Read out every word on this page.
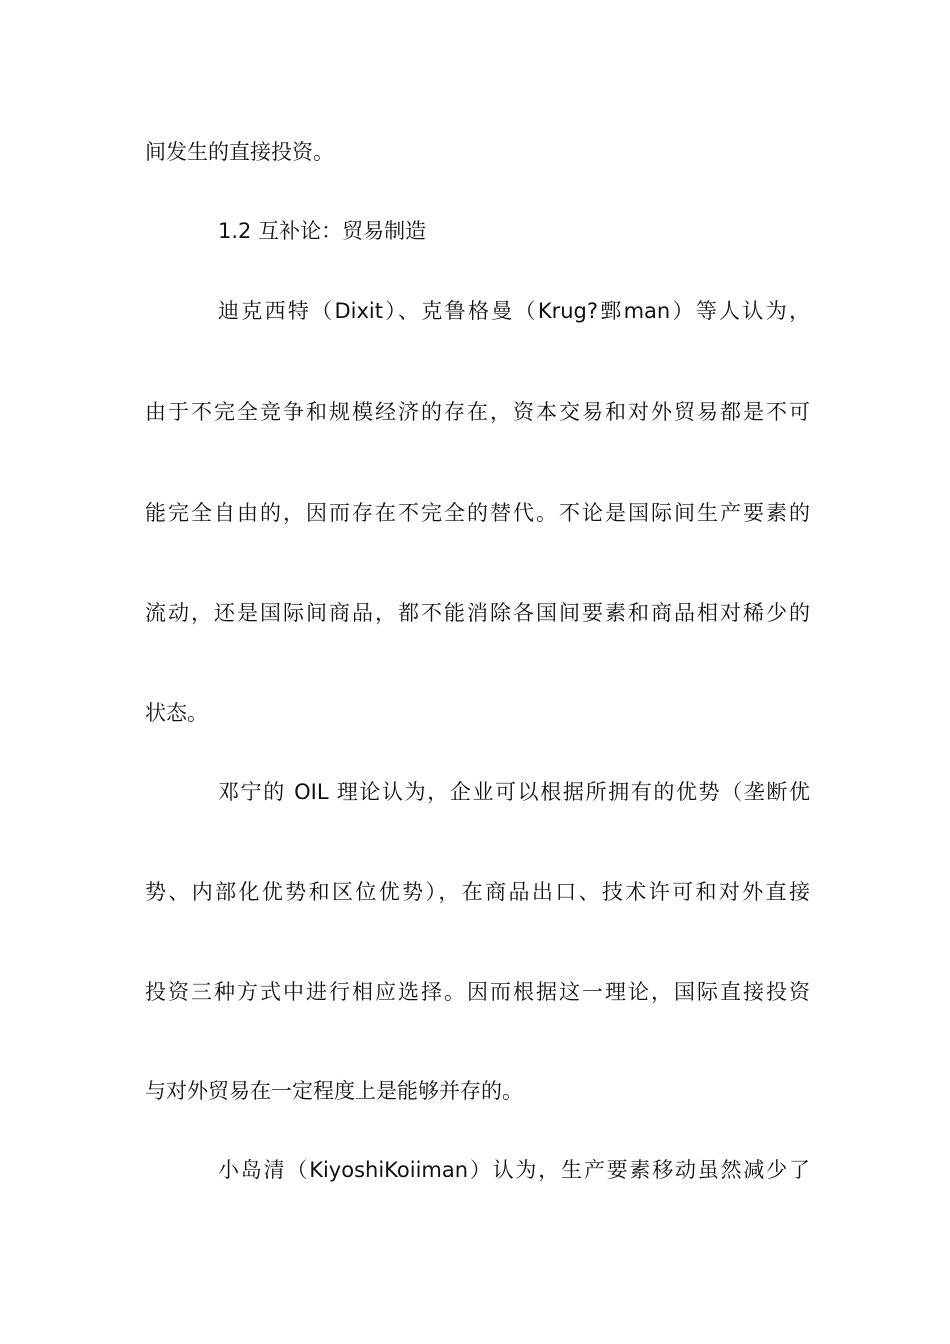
间发生的直接投资。

1.2 互补论：贸易制造

迪克西特（Dixit）、克鲁格曼（Krug?鄄man）等人认为，

由于不完全竞争和规模经济的存在，资本交易和对外贸易都是不可

能完全自由的，因而存在不完全的替代。不论是国际间生产要素的

流动，还是国际间商品，都不能消除各国间要素和商品相对稀少的

状态。

邓宁的 OIL 理论认为，企业可以根据所拥有的优势（垄断优

势、内部化优势和区位优势），在商品出口、技术许可和对外直接

投资三种方式中进行相应选择。因而根据这一理论，国际直接投资

与对外贸易在一定程度上是能够并存的。

小岛清（KiyoshiKoiiman）认为，生产要素移动虽然减少了
